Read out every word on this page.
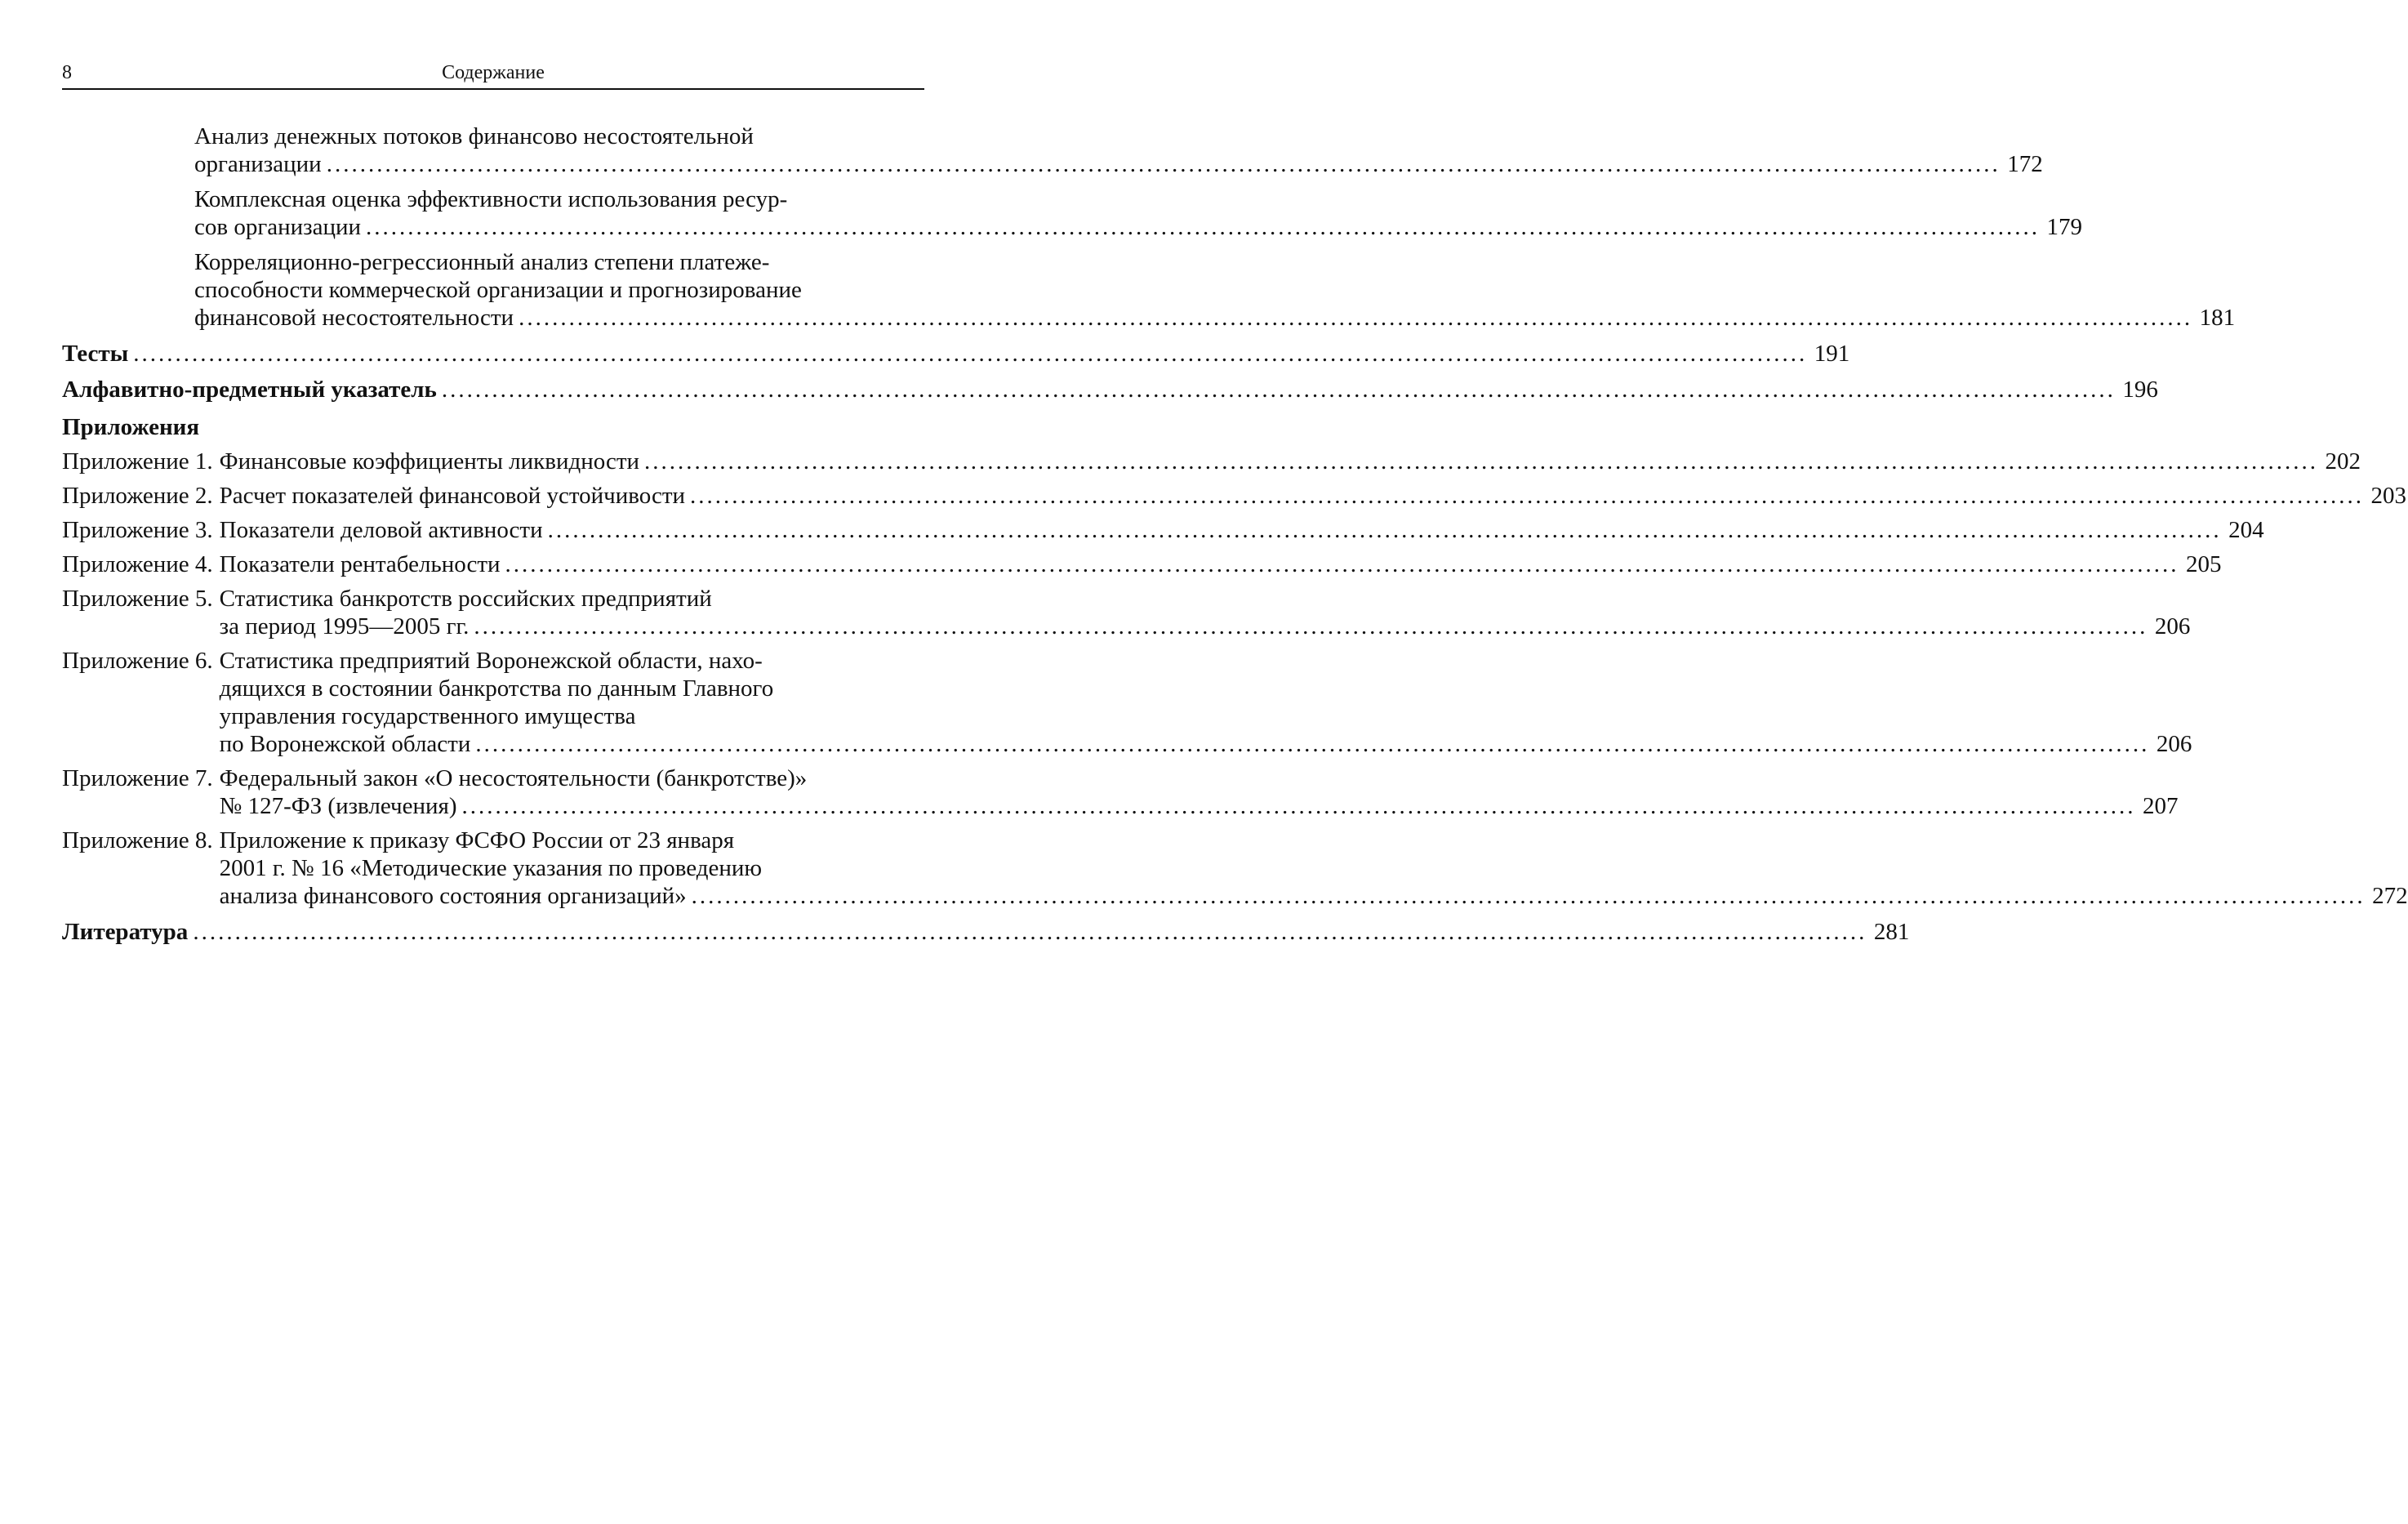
8	Содержание
Анализ денежных потоков финансово несостоятельной
организации ........................................................................................................................................................................................................ 172
Комплексная оценка эффективности использования ресур-
сов организации ........................................................................................................................................................................................................ 179
Корреляционно-регрессионный анализ степени платеже-
способности коммерческой организации и прогнозирование
финансовой несостоятельности ........................................................................................................................................................................................................ 181
Тесты ........................................................................................................................................................................................................ 191
Алфавитно-предметный указатель ........................................................................................................................................................................................................ 196
Приложения
Приложение 1. Финансовые коэффициенты ликвидности ........................................................................................................................................................................................................ 202
Приложение 2. Расчет показателей финансовой устойчивости ........................................................................................................................................................................................................ 203
Приложение 3. Показатели деловой активности ........................................................................................................................................................................................................ 204
Приложение 4. Показатели рентабельности ........................................................................................................................................................................................................ 205
Приложение 5. Статистика банкротств российских предприятий
за период 1995—2005 гг. ........................................................................................................................................................................................................ 206
Приложение 6. Статистика предприятий Воронежской области, нахо-
дящихся в состоянии банкротства по данным Главного
управления государственного имущества
по Воронежской области ........................................................................................................................................................................................................ 206
Приложение 7. Федеральный закон «О несостоятельности (банкротстве)»
№ 127-ФЗ (извлечения) ........................................................................................................................................................................................................ 207
Приложение 8. Приложение к приказу ФСФО России от 23 января
2001 г. № 16 «Методические указания по проведению
анализа финансового состояния организаций» ........................................................................................................................................................................................................ 272
Литература ........................................................................................................................................................................................................ 281
